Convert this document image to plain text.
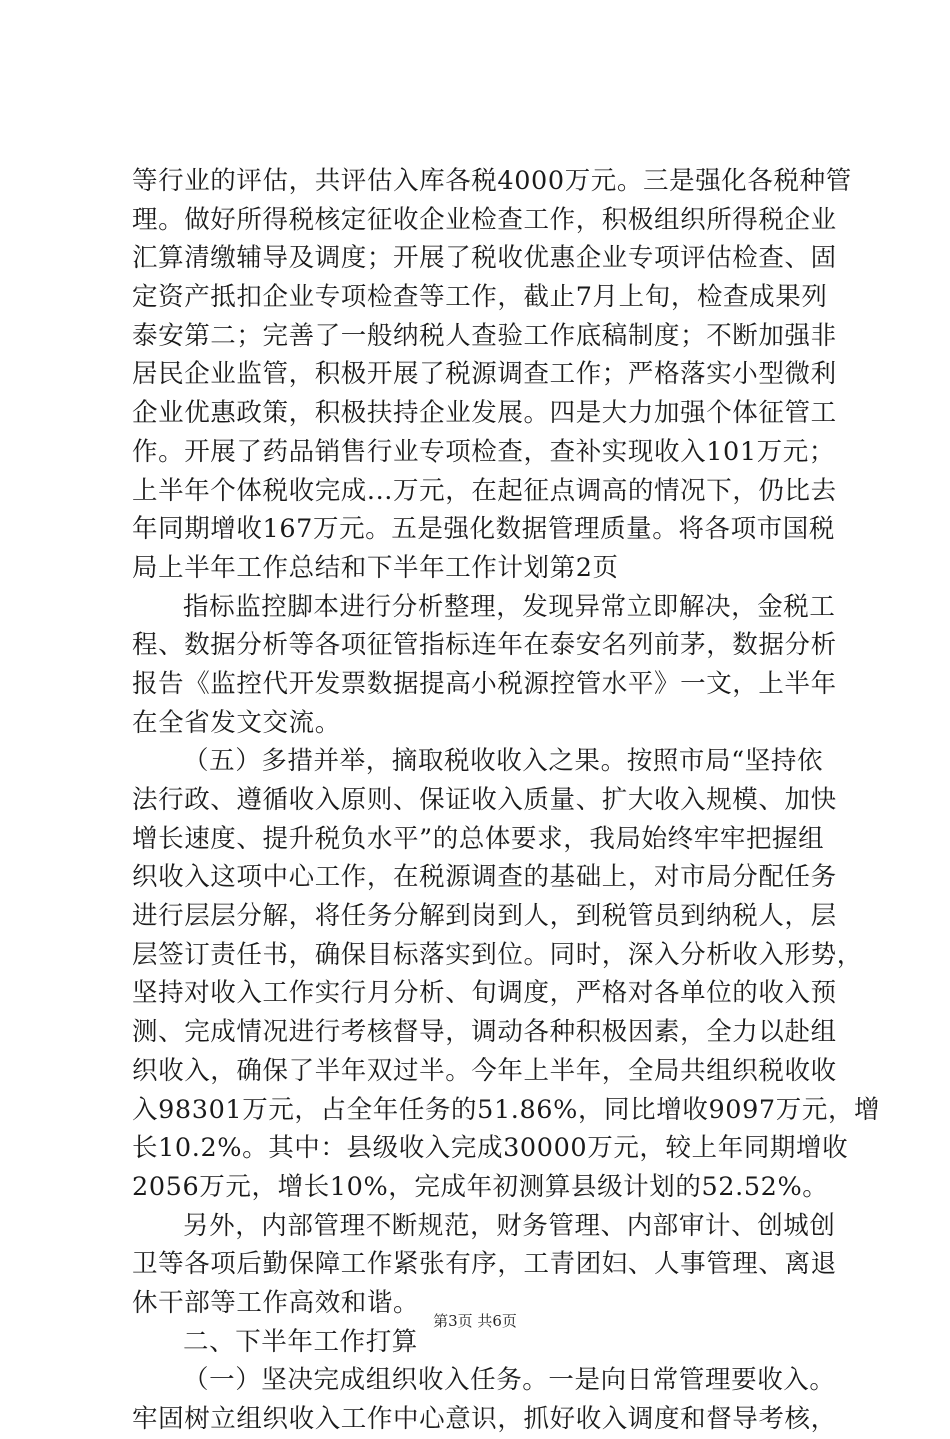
等行业的评估，共评估入库各税4000万元。三是强化各税种管
理。做好所得税核定征收企业检查工作，积极组织所得税企业
汇算清缴辅导及调度；开展了税收优惠企业专项评估检查、固
定资产抵扣企业专项检查等工作，截止7月上旬，检查成果列
泰安第二；完善了一般纳税人查验工作底稿制度；不断加强非
居民企业监管，积极开展了税源调查工作；严格落实小型微利
企业优惠政策，积极扶持企业发展。四是大力加强个体征管工
作。开展了药品销售行业专项检查，查补实现收入101万元；
上半年个体税收完成...万元，在起征点调高的情况下，仍比去
年同期增收167万元。五是强化数据管理质量。将各项市国税
局上半年工作总结和下半年工作计划第2页
指标监控脚本进行分析整理，发现异常立即解决，金税工
程、数据分析等各项征管指标连年在泰安名列前茅，数据分析
报告《监控代开发票数据提高小税源控管水平》一文，上半年
在全省发文交流。
（五）多措并举，摘取税收收入之果。按照市局“坚持依
法行政、遵循收入原则、保证收入质量、扩大收入规模、加快
增长速度、提升税负水平”的总体要求，我局始终牢牢把握组
织收入这项中心工作，在税源调查的基础上，对市局分配任务
进行层层分解，将任务分解到岗到人，到税管员到纳税人，层
层签订责任书，确保目标落实到位。同时，深入分析收入形势，
坚持对收入工作实行月分析、旬调度，严格对各单位的收入预
测、完成情况进行考核督导，调动各种积极因素，全力以赴组
织收入，确保了半年双过半。今年上半年，全局共组织税收收
入98301万元，占全年任务的51.86%，同比增收9097万元，增
长10.2%。其中：县级收入完成30000万元，较上年同期增收
2056万元，增长10%，完成年初测算县级计划的52.52%。
另外，内部管理不断规范，财务管理、内部审计、创城创
卫等各项后勤保障工作紧张有序，工青团妇、人事管理、离退
休干部等工作高效和谐。
二、下半年工作打算
（一）坚决完成组织收入任务。一是向日常管理要收入。
牢固树立组织收入工作中心意识，抓好收入调度和督导考核，
第3页 共6页
